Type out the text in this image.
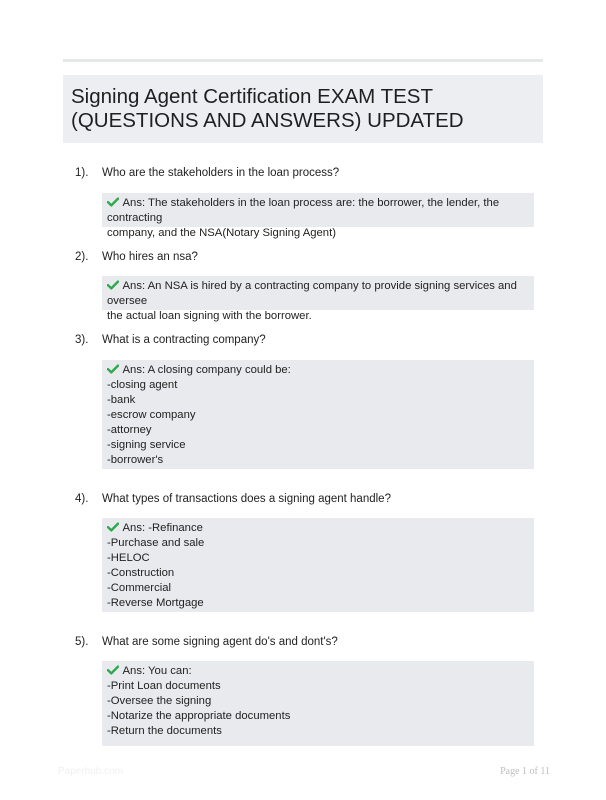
Signing Agent Certification EXAM TEST
(QUESTIONS AND ANSWERS) UPDATED
1). Who are the stakeholders in the loan process?
Ans: The stakeholders in the loan process are: the borrower, the lender, the contracting
company, and the NSA(Notary Signing Agent)
2). Who hires an nsa?
Ans: An NSA is hired by a contracting company to provide signing services and oversee
the actual loan signing with the borrower.
3). What is a contracting company?
Ans: A closing company could be:
-closing agent
-bank
-escrow company
-attorney
-signing service
-borrower's
4). What types of transactions does a signing agent handle?
Ans: -Refinance
-Purchase and sale
-HELOC
-Construction
-Commercial
-Reverse Mortgage
5). What are some signing agent do's and dont's?
Ans: You can:
-Print Loan documents
-Oversee the signing
-Notarize the appropriate documents
-Return the documents
Paperhub.com	Page 1 of 11
